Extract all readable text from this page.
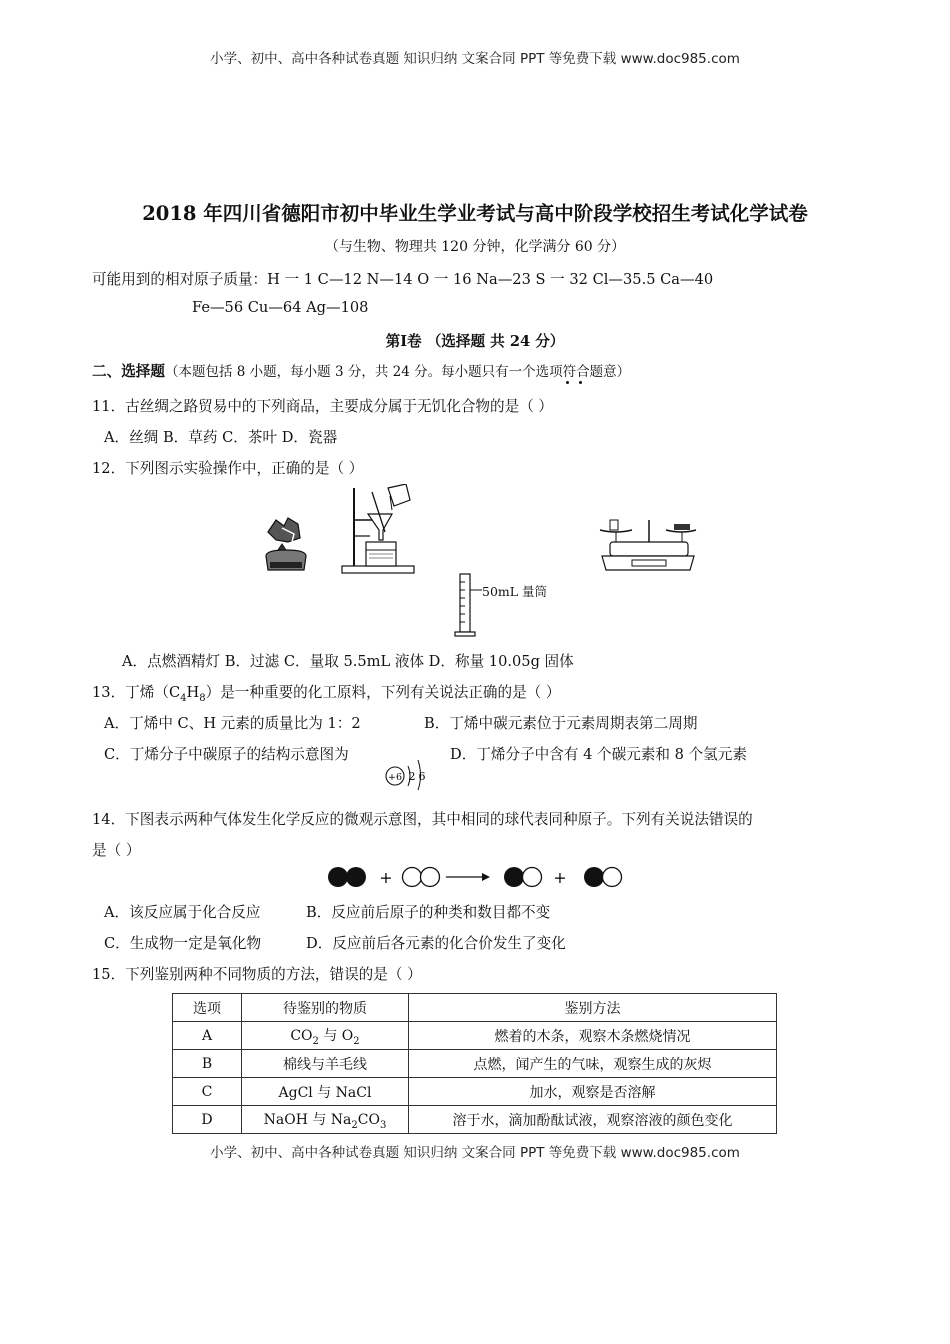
小学、初中、高中各种试卷真题 知识归纳 文案合同 PPT 等免费下载 www.doc985.com
小学、初中、高中各种试卷真题 知识归纳 文案合同 PPT 等免费下载 www.doc985.com
2018 年四川省德阳市初中毕业生学业考试与高中阶段学校招生考试化学试卷
（与生物、物理共 120 分钟，化学满分 60 分）
可能用到的相对原子质量：H 一 1 C—12 N—14 O 一 16 Na—23 S 一 32 Cl—35.5 Ca—40
Fe—56 Cu—64 Ag—108
第Ⅰ卷 （选择题 共 24 分）
二、选择题（本题包括 8 小题，每小题 3 分，共 24 分。每小题只有一个选项符合题意）
11．古丝绸之路贸易中的下列商品，主要成分属于无饥化合物的是（ ）
A．丝绸 B．草药 C．茶叶 D．瓷器
12．下列图示实验操作中，正确的是（ ）
50mL 量筒
A．点燃酒精灯 B．过滤 C．量取 5.5mL 液体 D．称量 10.05g 固体
13．丁烯$(C_4H_8)$是一种重要的化工原料，下列有关说法正确的是（ ）
A．丁烯中 C、H 元素的质量比为 1：2	B．丁烯中碳元素位于元素周期表第二周期
C．丁烯分子中碳原子的结构示意图为	D．丁烯分子中含有 4 个碳元素和 8 个氢元素
+6 2 6
14．下图表示两种气体发生化学反应的微观示意图，其中相同的球代表同种原子。下列有关说法错误的
是（ ）
+	+
A．该反应属于化合反应	B．反应前后原子的种类和数目都不变
C．生成物一定是氧化物	D．反应前后各元素的化合价发生了变化
15．下列鉴别两种不同物质的方法，错误的是（ ）
选项	待鉴别的物质	鉴别方法
A	$CO_2$ 与 $O_2$	燃着的木条，观察木条燃烧情况
B	棉线与羊毛线	点燃，闻产生的气味，观察生成的灰烬
C	AgCl 与 NaCl	加水，观察是否溶解
D	NaOH 与 $Na_2CO_3$	溶于水，滴加酚酞试液，观察溶液的颜色变化
